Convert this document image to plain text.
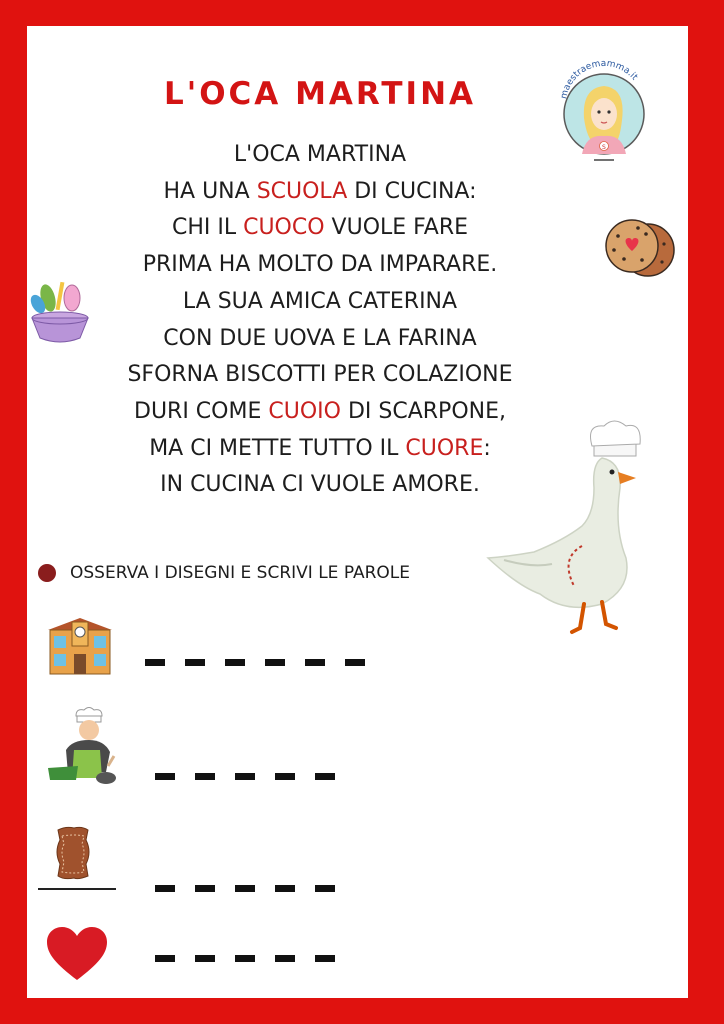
L'OCA MARTINA	maestraemamma.it
S
L'OCA MARTINA
HA UNA SCUOLA DI CUCINA:
CHI IL CUOCO VUOLE FARE
PRIMA HA MOLTO DA IMPARARE.
LA SUA AMICA CATERINA
CON DUE UOVA E LA FARINA
SFORNA BISCOTTI PER COLAZIONE
DURI COME CUOIO DI SCARPONE,
MA CI METTE TUTTO IL CUORE:
IN CUCINA CI VUOLE AMORE.
OSSERVA I DISEGNI E SCRIVI LE PAROLE
